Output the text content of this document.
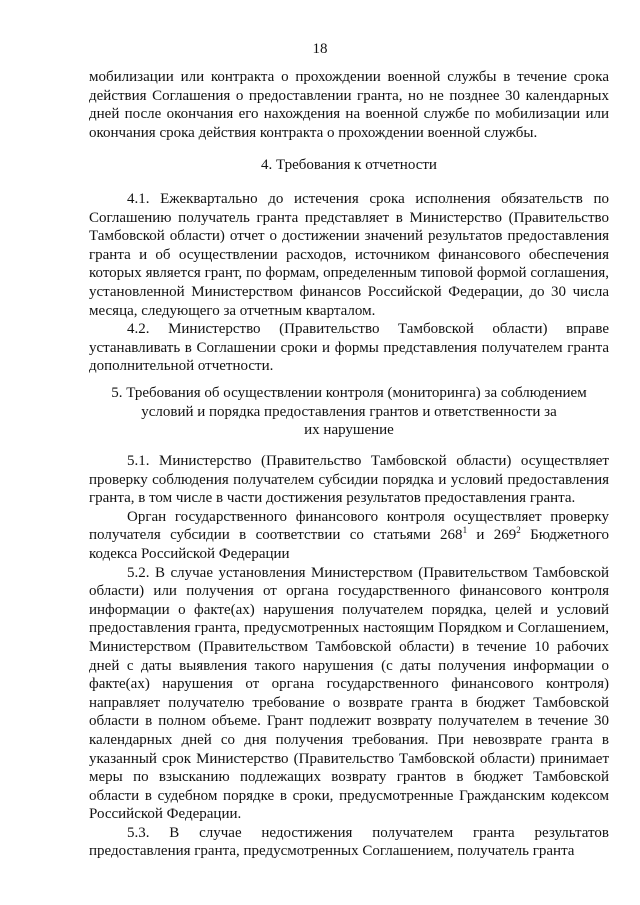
18

мобилизации или контракта о прохождении военной службы в течение срока действия Соглашения о предоставлении гранта, но не позднее 30 календарных дней после окончания его нахождения на военной службе по мобилизации или окончания срока действия контракта о прохождении военной службы.

4. Требования к отчетности

4.1. Ежеквартально до истечения срока исполнения обязательств по Соглашению получатель гранта представляет в Министерство (Правительство Тамбовской области) отчет о достижении значений результатов предоставления гранта и об осуществлении расходов, источником финансового обеспечения которых является грант, по формам, определенным типовой формой соглашения, установленной Министерством финансов Российской Федерации, до 30 числа месяца, следующего за отчетным кварталом.

4.2. Министерство (Правительство Тамбовской области) вправе устанавливать в Соглашении сроки и формы представления получателем гранта дополнительной отчетности.

5. Требования об осуществлении контроля (мониторинга) за соблюдением

условий и порядка предоставления грантов и ответственности за

их нарушение

5.1. Министерство (Правительство Тамбовской области) осуществляет проверку соблюдения получателем субсидии порядка и условий предоставления гранта, в том числе в части достижения результатов предоставления гранта.

Орган государственного финансового контроля осуществляет проверку получателя субсидии в соответствии со статьями $268^1$ и $269^2$ Бюджетного кодекса Российской Федерации

5.2. В случае установления Министерством (Правительством Тамбовской области) или получения от органа государственного финансового контроля информации о факте(ах) нарушения получателем порядка, целей и условий предоставления гранта, предусмотренных настоящим Порядком и Соглашением, Министерством (Правительством Тамбовской области) в течение 10 рабочих дней с даты выявления такого нарушения (с даты получения информации о факте(ах) нарушения от органа государственного финансового контроля) направляет получателю требование о возврате гранта в бюджет Тамбовской области в полном объеме. Грант подлежит возврату получателем в течение 30 календарных дней со дня получения требования. При невозврате гранта в указанный срок Министерство (Правительство Тамбовской области) принимает меры по взысканию подлежащих возврату грантов в бюджет Тамбовской области в судебном порядке в сроки, предусмотренные Гражданским кодексом Российской Федерации.

5.3. В случае недостижения получателем гранта результатов предоставления гранта, предусмотренных Соглашением, получатель гранта
